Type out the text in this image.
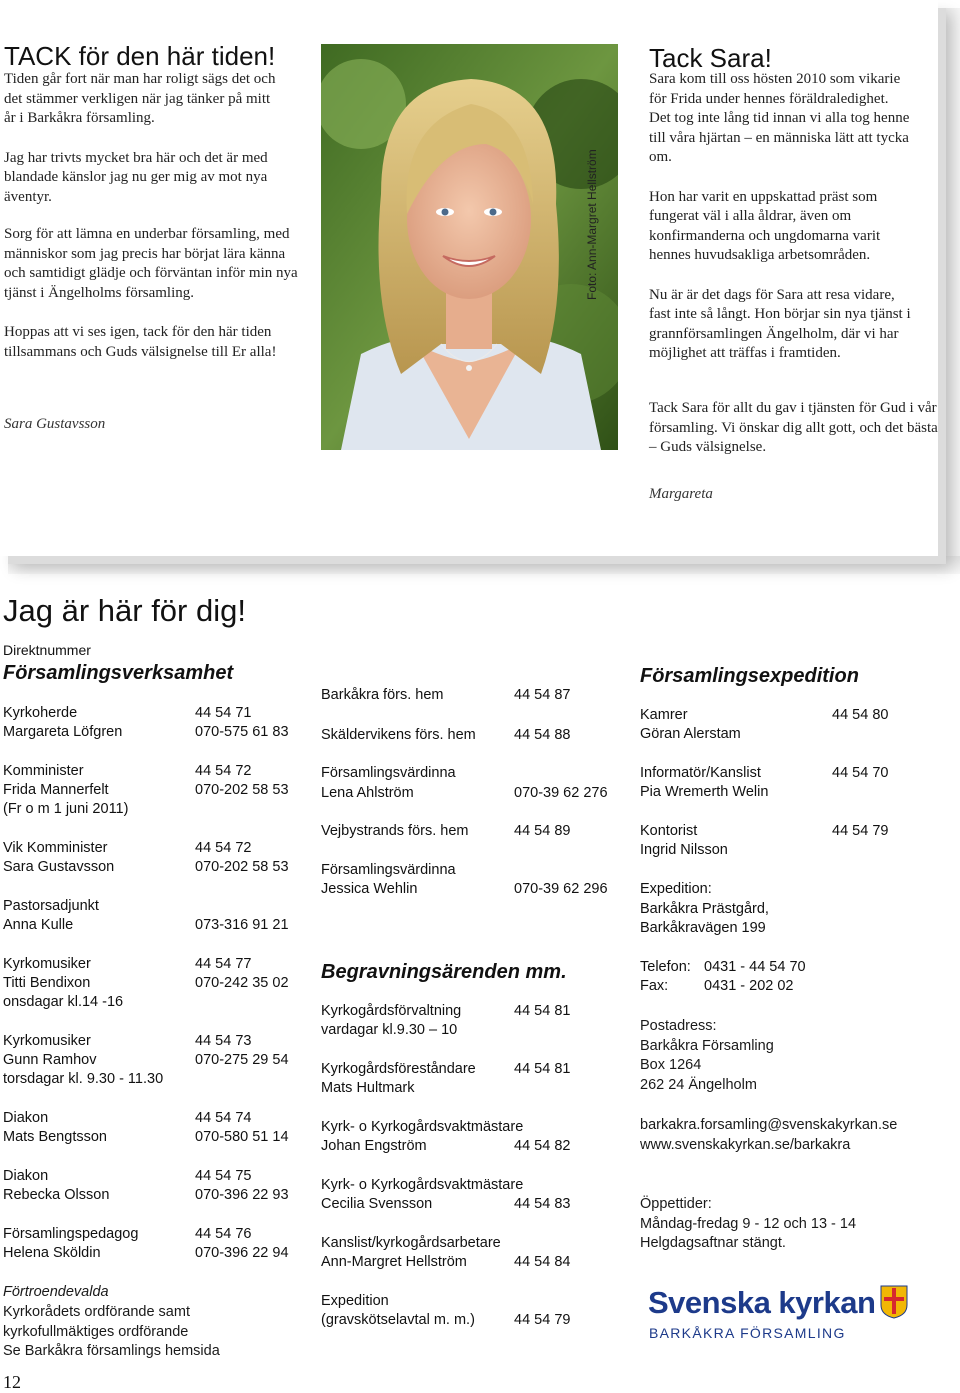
TACK för den här tiden!

Tiden går fort när man har roligt sägs det och det stämmer verkligen när jag tänker på mitt år i Barkåkra församling.

Jag har trivts mycket bra här och det är med blandade känslor jag nu ger mig av mot nya äventyr.

Sorg för att lämna en underbar församling, med människor som jag precis har börjat lära känna och samtidigt glädje och förväntan inför min nya tjänst i Ängelholms församling.

Hoppas att vi ses igen, tack för den här tiden tillsammans och Guds välsignelse till Er alla!

Sara Gustavsson
Foto: Ann-Margret Hellström
Tack Sara!

Sara kom till oss hösten 2010 som vikarie för Frida under hennes föräldraledighet. Det tog inte lång tid innan vi alla tog henne till våra hjärtan – en människa lätt att tycka om.

Hon har varit en uppskattad präst som fungerat väl i alla åldrar, även om konfirmanderna och ungdomarna varit hennes huvudsakliga arbetsområden.

Nu är är det dags för Sara att resa vidare, fast inte så långt. Hon börjar sin nya tjänst i grannförsamlingen Ängelholm, där vi har möjlighet att träffas i framtiden.

Tack Sara för allt du gav i tjänsten för Gud i vår församling. Vi önskar dig allt gott, och det bästa – Guds välsignelse.

Margareta
Jag är här för dig!
Direktnummer
Församlingsverksamhet
Kyrkoherde	44 54 71
Margareta Löfgren	070-575 61 83
Komminister	44 54 72
Frida Mannerfelt	070-202 58 53
(Fr o m 1 juni 2011)
Vik Komminister	44 54 72
Sara Gustavsson	070-202 58 53
Pastorsadjunkt
Anna Kulle	073-316 91 21
Kyrkomusiker	44 54 77
Titti Bendixon	070-242 35 02
onsdagar kl.14 -16
Kyrkomusiker	44 54 73
Gunn Ramhov	070-275 29 54
torsdagar kl. 9.30 - 11.30
Diakon	44 54 74
Mats Bengtsson	070-580 51 14
Diakon	44 54 75
Rebecka Olsson	070-396 22 93
Församlingspedagog	44 54 76
Helena Sköldin	070-396 22 94
Förtroendevalda
Kyrkorådets ordförande samt
kyrkofullmäktiges ordförande
Se Barkåkra församlings hemsida
Barkåkra förs. hem	44 54 87
Skäldervikens förs. hem	44 54 88
Församlingsvärdinna
Lena Ahlström	070-39 62 276
Vejbystrands förs. hem	44 54 89
Församlingsvärdinna
Jessica Wehlin	070-39 62 296
Begravningsärenden mm.
Kyrkogårdsförvaltning	44 54 81
vardagar kl.9.30 – 10
Kyrkogårdsföreståndare	44 54 81
Mats Hultmark
Kyrk- o Kyrkogårdsvaktmästare
Johan Engström	44 54 82
Kyrk- o Kyrkogårdsvaktmästare
Cecilia Svensson	44 54 83
Kanslist/kyrkogårdsarbetare
Ann-Margret Hellström	44 54 84
Expedition
(gravskötselavtal m. m.)	44 54 79
Församlingsexpedition
Kamrer	44 54 80
Göran Alerstam
Informatör/Kanslist	44 54 70
Pia Wremerth Welin
Kontorist	44 54 79
Ingrid Nilsson
Expedition:
Barkåkra Prästgård,
Barkåkravägen 199
Telefon: 0431 - 44 54 70
Fax: 0431 - 202 02
Postadress:
Barkåkra Församling
Box 1264
262 24 Ängelholm
barkakra.forsamling@svenskakyrkan.se
www.svenskakyrkan.se/barkakra
Öppettider:
Måndag-fredag 9 - 12 och 13 - 14
Helgdagsaftnar stängt.
Svenska kyrkan
BARKÅKRA FÖRSAMLING
12
